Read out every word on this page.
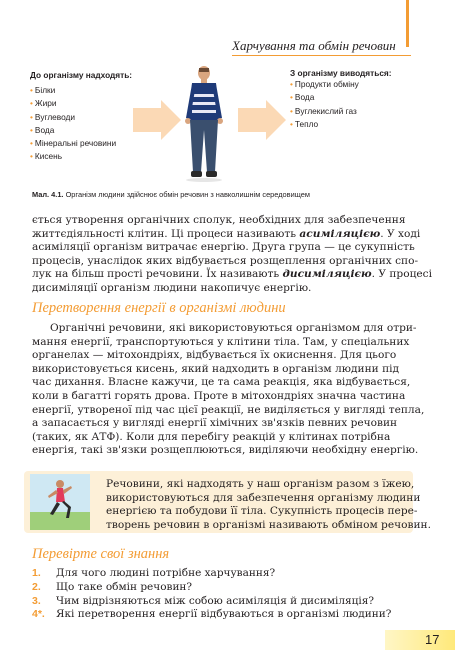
Харчування та обмін речовин
До організму надходять:
• Білки
• Жири
• Вуглеводи
• Вода
• Мінеральні речовини
• Кисень
З організму виводяться:
• Продукти обміну
• Вода
• Вуглекислий газ
• Тепло
Мал. 4.1. Організм людини здійснює обмін речовин з навколишнім середовищем
ється утворення органічних сполук, необхідних для забезпечення
життєдіяльності клітин. Ці процеси називають асиміляцією. У ході
асиміляції організм витрачає енергію. Друга група — це сукупність
процесів, унаслідок яких відбувається розщеплення органічних спо-
лук на більш прості речовини. Їх називають дисиміляцією. У процесі
дисиміляції організм людини накопичує енергію.
Перетворення енергії в організмі людини
Органічні речовини, які використовуються організмом для отри-
мання енергії, транспортуються у клітини тіла. Там, у спеціальних
органелах — мітохондріях, відбувається їх окиснення. Для цього
використовується кисень, який надходить в організм людини під
час дихання. Власне кажучи, це та сама реакція, яка відбувається,
коли в багатті горять дрова. Проте в мітохондріях значна частина
енергії, утвореної під час цієї реакції, не виділяється у вигляді тепла,
а запасається у вигляді енергії хімічних зв'язків певних речовин
(таких, як АТФ). Коли для перебігу реакцій у клітинах потрібна
енергія, такі зв'язки розщеплюються, виділяючи необхідну енергію.
Речовини, які надходять у наш організм разом з їжею,
використовуються для забезпечення організму людини
енергією та побудови її тіла. Сукупність процесів пере-
творень речовин в організмі називають обміном речовин.
Перевірте свої знання
1. Для чого людині потрібне харчування?
2. Що таке обмін речовин?
3. Чим відрізняються між собою асиміляція й дисиміляція?
4*. Які перетворення енергії відбуваються в організмі людини?
17
